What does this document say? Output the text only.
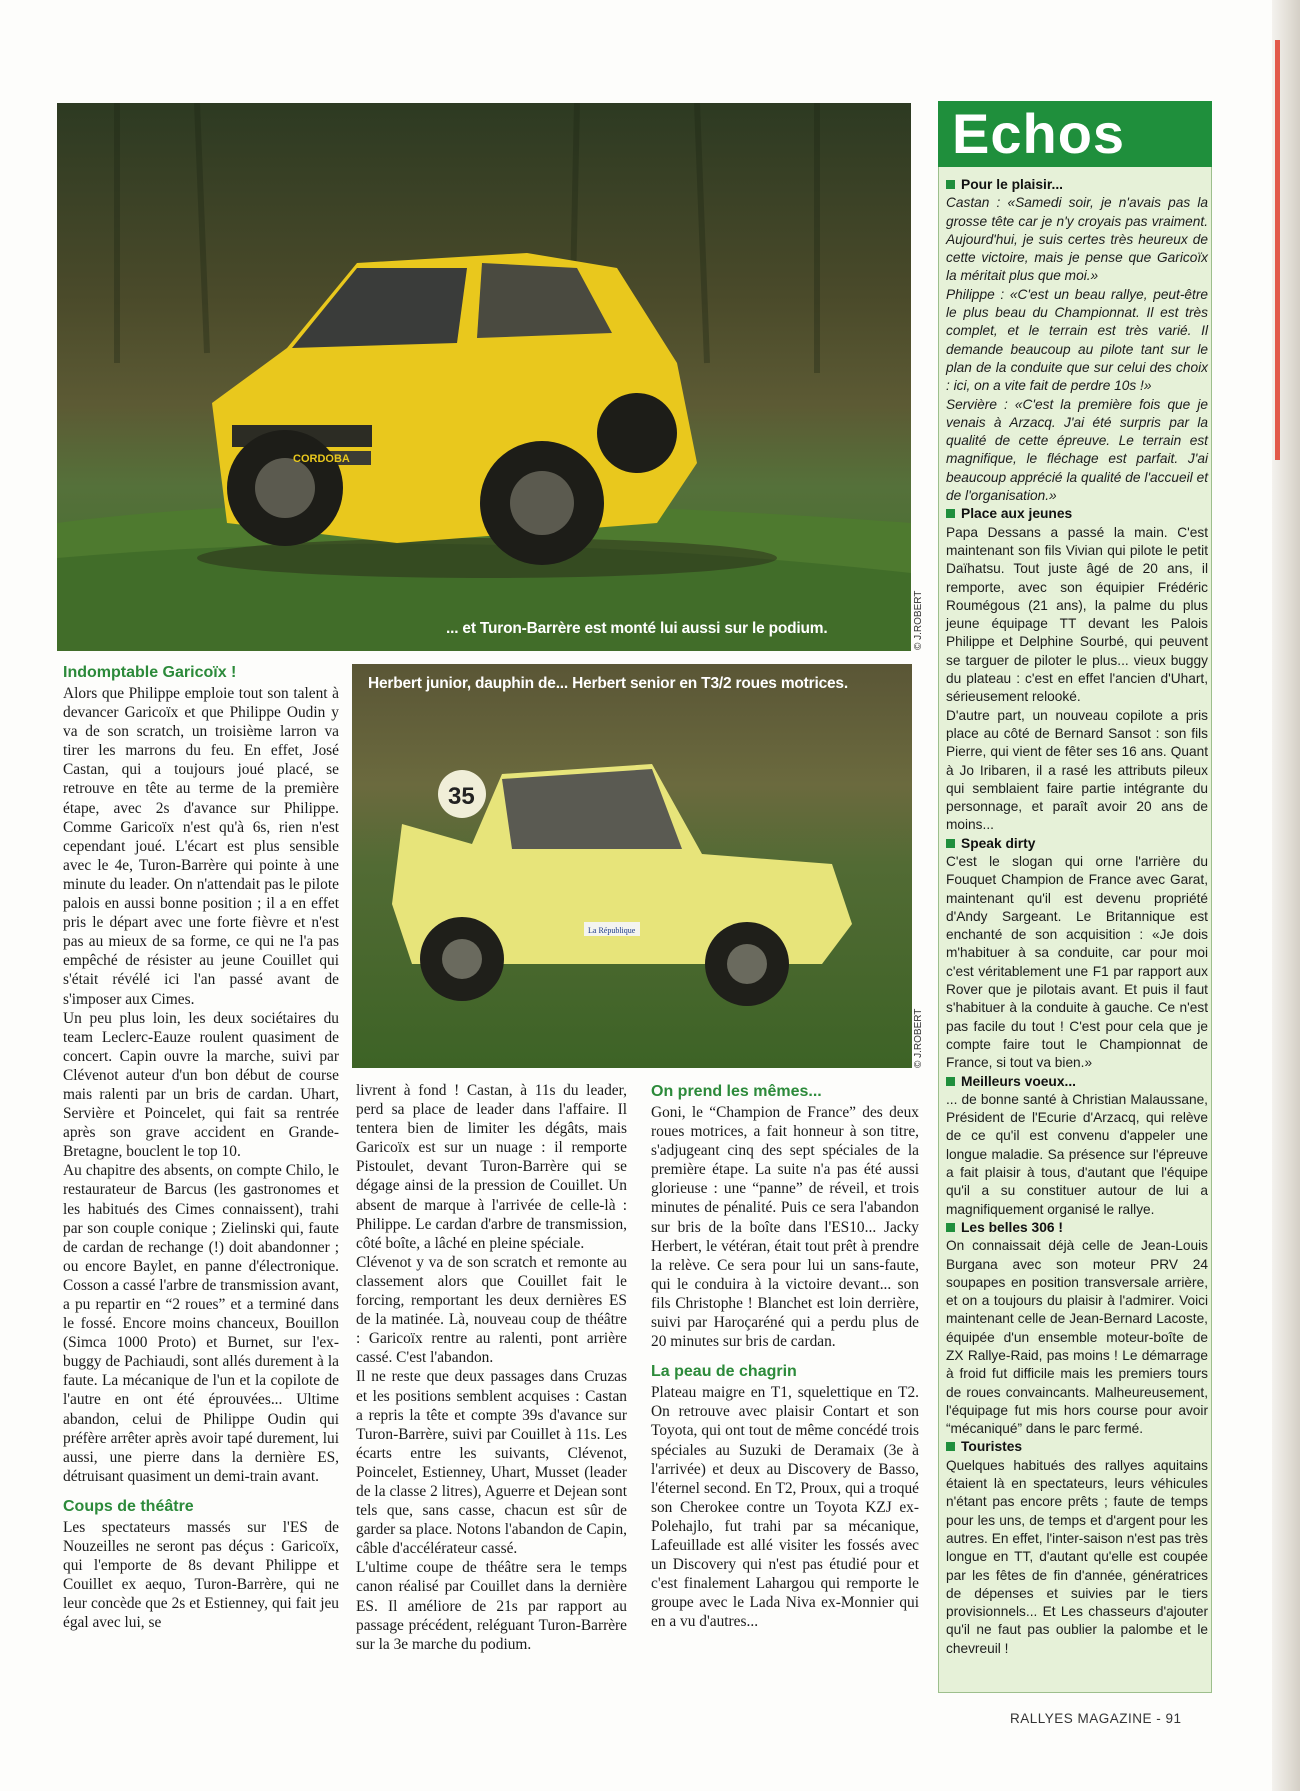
CORDOBA
... et Turon-Barrère est monté lui aussi sur le podium.	© J.ROBERT
35
La République
Herbert junior, dauphin de... Herbert senior en T3/2 roues motrices.
© J.ROBERT
Indomptable Garicoïx !

Alors que Philippe emploie tout son talent à devancer Garicoïx et que Philippe Oudin y va de son scratch, un troisième larron va tirer les marrons du feu. En effet, José Castan, qui a toujours joué placé, se retrouve en tête au terme de la première étape, avec 2s d'avance sur Philippe. Comme Garicoïx n'est qu'à 6s, rien n'est cependant joué. L'écart est plus sensible avec le 4e, Turon-Barrère qui pointe à une minute du leader. On n'attendait pas le pilote palois en aussi bonne position ; il a en effet pris le départ avec une forte fièvre et n'est pas au mieux de sa forme, ce qui ne l'a pas empêché de résister au jeune Couillet qui s'était révélé ici l'an passé avant de s'imposer aux Cimes.

Un peu plus loin, les deux sociétaires du team Leclerc-Eauze roulent quasiment de concert. Capin ouvre la marche, suivi par Clévenot auteur d'un bon début de course mais ralenti par un bris de cardan. Uhart, Servière et Poincelet, qui fait sa rentrée après son grave accident en Grande-Bretagne, bouclent le top 10.

Au chapitre des absents, on compte Chilo, le restaurateur de Barcus (les gastronomes et les habitués des Cimes connaissent), trahi par son couple conique ; Zielinski qui, faute de cardan de rechange (!) doit abandonner ; ou encore Baylet, en panne d'électronique. Cosson a cassé l'arbre de transmission avant, a pu repartir en “2 roues” et a terminé dans le fossé. Encore moins chanceux, Bouillon (Simca 1000 Proto) et Burnet, sur l'ex-buggy de Pachiaudi, sont allés durement à la faute. La mécanique de l'un et la copilote de l'autre en ont été éprouvées... Ultime abandon, celui de Philippe Oudin qui préfère arrêter après avoir tapé durement, lui aussi, une pierre dans la dernière ES, détruisant quasiment un demi-train avant.

Coups de théâtre

Les spectateurs massés sur l'ES de Nouzeilles ne seront pas déçus : Garicoïx, qui l'emporte de 8s devant Philippe et Couillet ex aequo, Turon-Barrère, qui ne leur concède que 2s et Estienney, qui fait jeu égal avec lui, se

livrent à fond ! Castan, à 11s du leader, perd sa place de leader dans l'affaire. Il tentera bien de limiter les dégâts, mais Garicoïx est sur un nuage : il remporte Pistoulet, devant Turon-Barrère qui se dégage ainsi de la pression de Couillet. Un absent de marque à l'arrivée de celle-là : Philippe. Le cardan d'arbre de transmission, côté boîte, a lâché en pleine spéciale.

Clévenot y va de son scratch et remonte au classement alors que Couillet fait le forcing, remportant les deux dernières ES de la matinée. Là, nouveau coup de théâtre : Garicoïx rentre au ralenti, pont arrière cassé. C'est l'abandon.

Il ne reste que deux passages dans Cruzas et les positions semblent acquises : Castan a repris la tête et compte 39s d'avance sur Turon-Barrère, suivi par Couillet à 11s. Les écarts entre les suivants, Clévenot, Poincelet, Estienney, Uhart, Musset (leader de la classe 2 litres), Aguerre et Dejean sont tels que, sans casse, chacun est sûr de garder sa place. Notons l'abandon de Capin, câble d'accélérateur cassé.

L'ultime coupe de théâtre sera le temps canon réalisé par Couillet dans la dernière ES. Il améliore de 21s par rapport au passage précédent, reléguant Turon-Barrère sur la 3e marche du podium.

On prend les mêmes...

Goni, le “Champion de France” des deux roues motrices, a fait honneur à son titre, s'adjugeant cinq des sept spéciales de la première étape. La suite n'a pas été aussi glorieuse : une “panne” de réveil, et trois minutes de pénalité. Puis ce sera l'abandon sur bris de la boîte dans l'ES10... Jacky Herbert, le vétéran, était tout prêt à prendre la relève. Ce sera pour lui un sans-faute, qui le conduira à la victoire devant... son fils Christophe ! Blanchet est loin derrière, suivi par Haroçaréné qui a perdu plus de 20 minutes sur bris de cardan.

La peau de chagrin

Plateau maigre en T1, squelettique en T2. On retrouve avec plaisir Contart et son Toyota, qui ont tout de même concédé trois spéciales au Suzuki de Deramaix (3e à l'arrivée) et deux au Discovery de Basso, l'éternel second. En T2, Proux, qui a troqué son Cherokee contre un Toyota KZJ ex-Polehajlo, fut trahi par sa mécanique, Lafeuillade est allé visiter les fossés avec un Discovery qui n'est pas étudié pour et c'est finalement Lahargou qui remporte le groupe avec le Lada Niva ex-Monnier qui en a vu d'autres...

Echos

Pour le plaisir...

Castan : «Samedi soir, je n'avais pas la grosse tête car je n'y croyais pas vraiment. Aujourd'hui, je suis certes très heureux de cette victoire, mais je pense que Garicoïx la méritait plus que moi.»

Philippe : «C'est un beau rallye, peut-être le plus beau du Championnat. Il est très complet, et le terrain est très varié. Il demande beaucoup au pilote tant sur le plan de la conduite que sur celui des choix : ici, on a vite fait de perdre 10s !»

Servière : «C'est la première fois que je venais à Arzacq. J'ai été surpris par la qualité de cette épreuve. Le terrain est magnifique, le fléchage est parfait. J'ai beaucoup apprécié la qualité de l'accueil et de l'organisation.»

Place aux jeunes

Papa Dessans a passé la main. C'est maintenant son fils Vivian qui pilote le petit Daïhatsu. Tout juste âgé de 20 ans, il remporte, avec son équipier Frédéric Roumégous (21 ans), la palme du plus jeune équipage TT devant les Palois Philippe et Delphine Sourbé, qui peuvent se targuer de piloter le plus... vieux buggy du plateau : c'est en effet l'ancien d'Uhart, sérieusement relooké.

D'autre part, un nouveau copilote a pris place au côté de Bernard Sansot : son fils Pierre, qui vient de fêter ses 16 ans. Quant à Jo Iribaren, il a rasé les attributs pileux qui semblaient faire partie intégrante du personnage, et paraît avoir 20 ans de moins...

Speak dirty

C'est le slogan qui orne l'arrière du Fouquet Champion de France avec Garat, maintenant qu'il est devenu propriété d'Andy Sargeant. Le Britannique est enchanté de son acquisition : «Je dois m'habituer à sa conduite, car pour moi c'est véritablement une F1 par rapport aux Rover que je pilotais avant. Et puis il faut s'habituer à la conduite à gauche. Ce n'est pas facile du tout ! C'est pour cela que je compte faire tout le Championnat de France, si tout va bien.»

Meilleurs voeux...

... de bonne santé à Christian Malaussane, Président de l'Ecurie d'Arzacq, qui relève de ce qu'il est convenu d'appeler une longue maladie. Sa présence sur l'épreuve a fait plaisir à tous, d'autant que l'équipe qu'il a su constituer autour de lui a magnifiquement organisé le rallye.

Les belles 306 !

On connaissait déjà celle de Jean-Louis Burgana avec son moteur PRV 24 soupapes en position transversale arrière, et on a toujours du plaisir à l'admirer. Voici maintenant celle de Jean-Bernard Lacoste, équipée d'un ensemble moteur-boîte de ZX Rallye-Raid, pas moins ! Le démarrage à froid fut difficile mais les premiers tours de roues convaincants. Malheureusement, l'équipage fut mis hors course pour avoir “mécaniqué” dans le parc fermé.

Touristes

Quelques habitués des rallyes aquitains étaient là en spectateurs, leurs véhicules n'étant pas encore prêts ; faute de temps pour les uns, de temps et d'argent pour les autres. En effet, l'inter-saison n'est pas très longue en TT, d'autant qu'elle est coupée par les fêtes de fin d'année, génératrices de dépenses et suivies par le tiers provisionnels... Et Les chasseurs d'ajouter qu'il ne faut pas oublier la palombe et le chevreuil !

RALLYES MAGAZINE - 91
